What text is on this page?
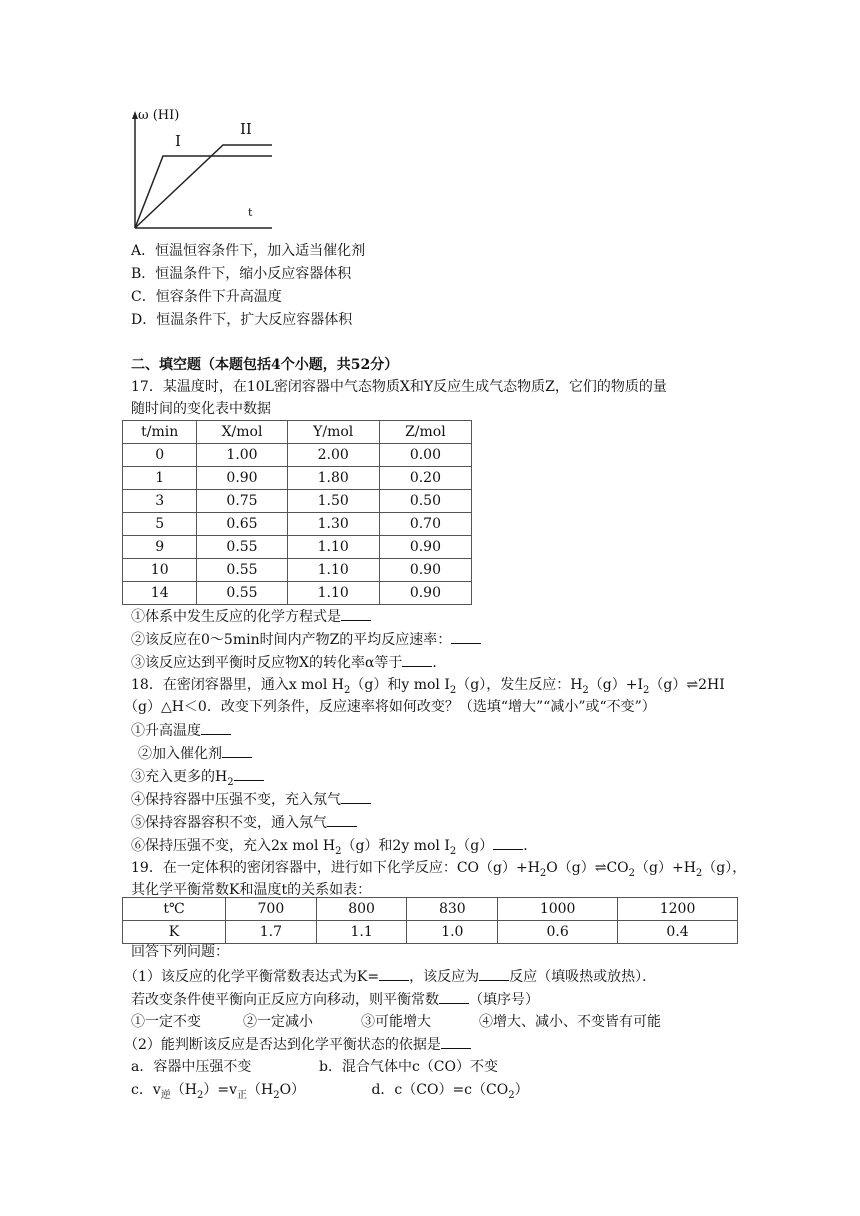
ω (HI)
I
II
t
A．恒温恒容条件下，加入适当催化剂
B．恒温条件下，缩小反应容器体积
C．恒容条件下升高温度
D．恒温条件下，扩大反应容器体积
二、填空题（本题包括4个小题，共52分）
17．某温度时，在10L密闭容器中气态物质X和Y反应生成气态物质Z，它们的物质的量
随时间的变化表中数据
t/min	X/mol	Y/mol	Z/mol
0	1.00	2.00	0.00
1	0.90	1.80	0.20
3	0.75	1.50	0.50
5	0.65	1.30	0.70
9	0.55	1.10	0.90
10	0.55	1.10	0.90
14	0.55	1.10	0.90
①体系中发生反应的化学方程式是
②该反应在0～5min时间内产物Z的平均反应速率：
③该反应达到平衡时反应物X的转化率α等于 ．
18．在密闭容器里，通入x mol $H_2(g)$和y mol $I_2(g)$，发生反应：$H_2(g)+I_2(g)\rightleftharpoons 2HI$
（g）△H＜0．改变下列条件，反应速率将如何改变？（选填“增大”“减小”或“不变”）
①升高温度
②加入催化剂
③充入更多的$H_2$
④保持容器中压强不变，充入氖气
⑤保持容器容积不变，通入氖气
⑥保持压强不变，充入2x mol $H_2(g)$和2y mol $I_2(g)$ ．
19．在一定体积的密闭容器中，进行如下化学反应：$CO(g)+H_2O(g)\rightleftharpoons CO_2(g)+H_2(g)$，
其化学平衡常数K和温度t的关系如表：
t℃	700	800	830	1000	1200
K	1.7	1.1	1.0	0.6	0.4
回答下列问题：
（1）该反应的化学平衡常数表达式为K= ，该反应为 反应（填吸热或放热）．
若改变条件使平衡向正反应方向移动，则平衡常数 （填序号）
①一定不变	②一定减小	③可能增大	④增大、减小、不变皆有可能
（2）能判断该反应是否达到化学平衡状态的依据是
a．容器中压强不变	b．混合气体中c（CO）不变
c．$v_逆(H_2)=v_正(H_2O)$	d．$c(CO)=c(CO_2)$
